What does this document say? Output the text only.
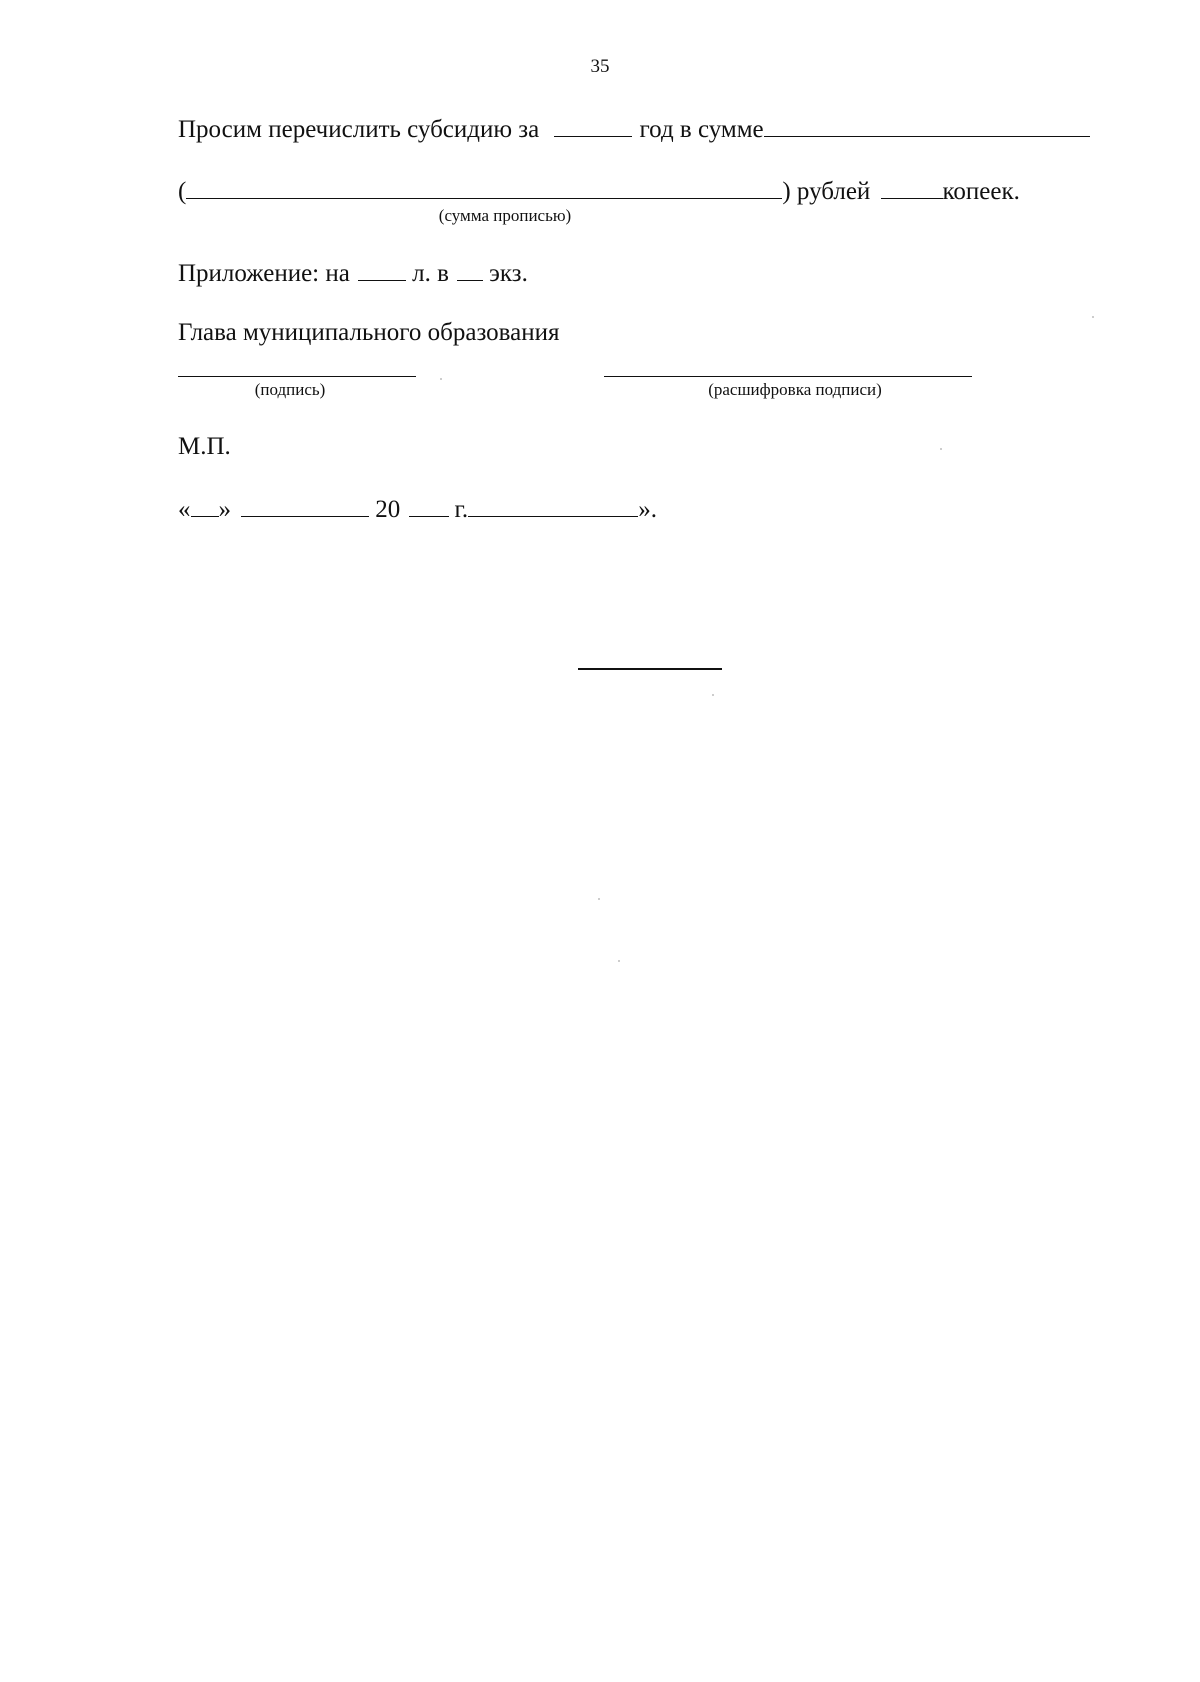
35
Просим перечислить субсидию за	год в сумме
(	) рублей	копеек.
(сумма прописью)
Приложение: на л. в экз.
Глава муниципального образования
(подпись)	(расшифровка подписи)
М.П.
« »	20 г.	».
